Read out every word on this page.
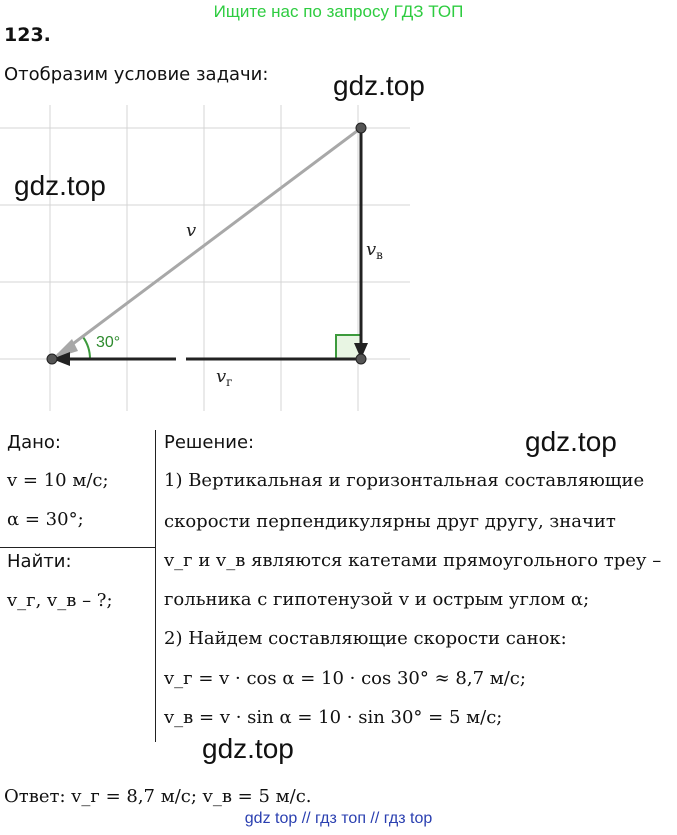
Ищите нас по запросу ГДЗ ТОП
123.
Отобразим условие задачи:
v
$v_в$
$v_г$
30°
gdz.top
gdz.top
gdz.top
gdz.top
Дано:
v = 10 м/с;
α = 30°;
Найти:
v_г, v_в – ?;
Решение:
1) Вертикальная и горизонтальная составляющие
скорости перпендикулярны друг другу, значит
v_г и v_в являются катетами прямоугольного треу –
гольника с гипотенузой v и острым углом α;
2) Найдем составляющие скорости санок:
v_г = v · cos α = 10 · cos 30° ≈ 8,7 м/с;
v_в = v · sin α = 10 · sin 30° = 5 м/с;
Ответ: v_г = 8,7 м/с; v_в = 5 м/с.
gdz top // гдз топ // гдз top
